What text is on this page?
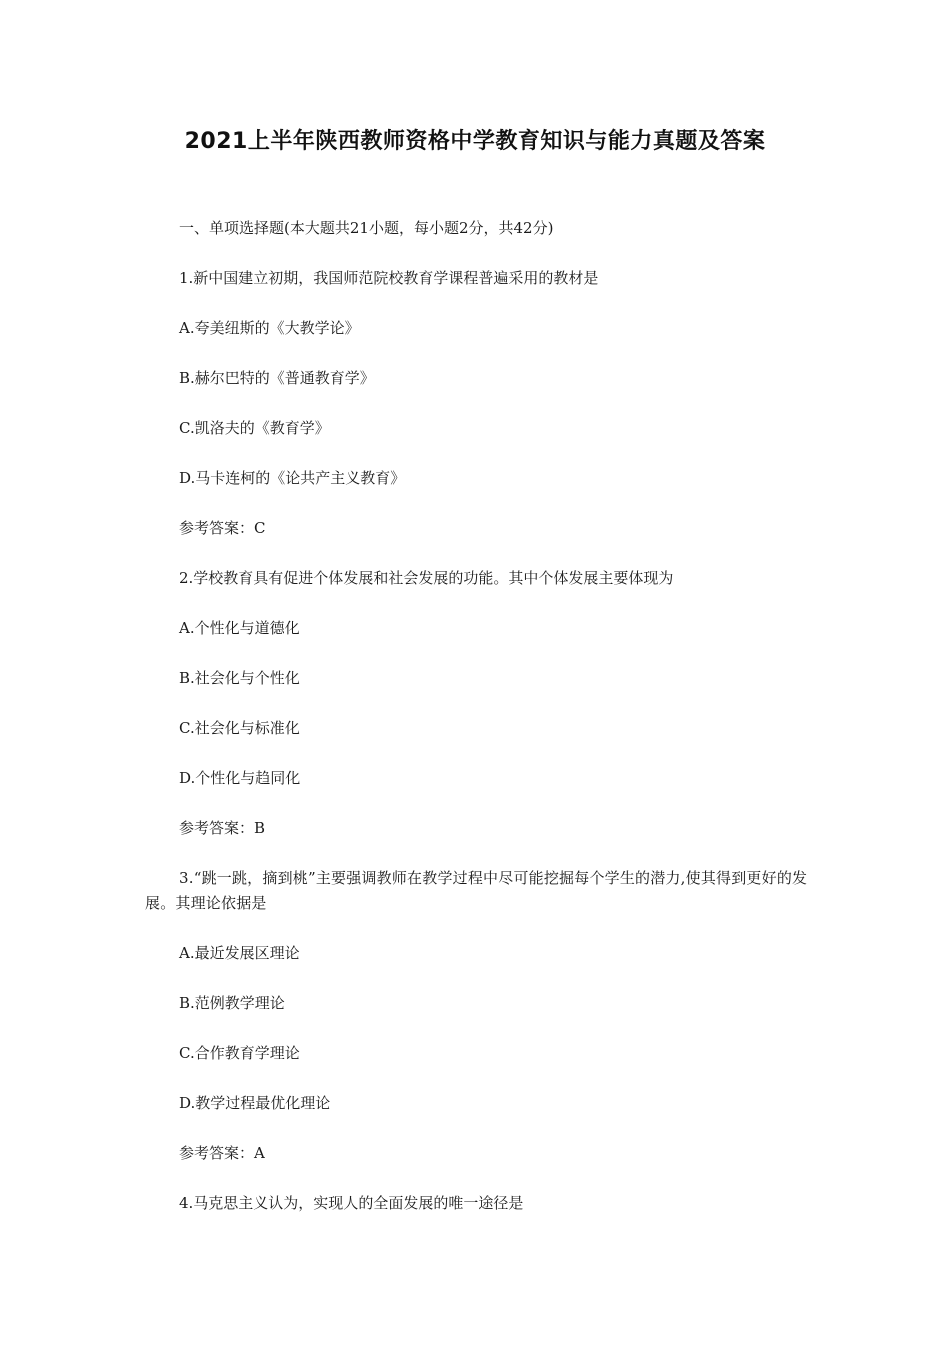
2021上半年陕西教师资格中学教育知识与能力真题及答案

一、单项选择题(本大题共21小题，每小题2分，共42分)

1.新中国建立初期，我国师范院校教育学课程普遍采用的教材是

A.夸美纽斯的《大教学论》

B.赫尔巴特的《普通教育学》

C.凯洛夫的《教育学》

D.马卡连柯的《论共产主义教育》

参考答案：C

2.学校教育具有促进个体发展和社会发展的功能。其中个体发展主要体现为

A.个性化与道德化

B.社会化与个性化

C.社会化与标准化

D.个性化与趋同化

参考答案：B

3.“跳一跳，摘到桃”主要强调教师在教学过程中尽可能挖掘每个学生的潜力,使其得到更好的发展。其理论依据是

A.最近发展区理论

B.范例教学理论

C.合作教育学理论

D.教学过程最优化理论

参考答案：A

4.马克思主义认为，实现人的全面发展的唯一途径是
